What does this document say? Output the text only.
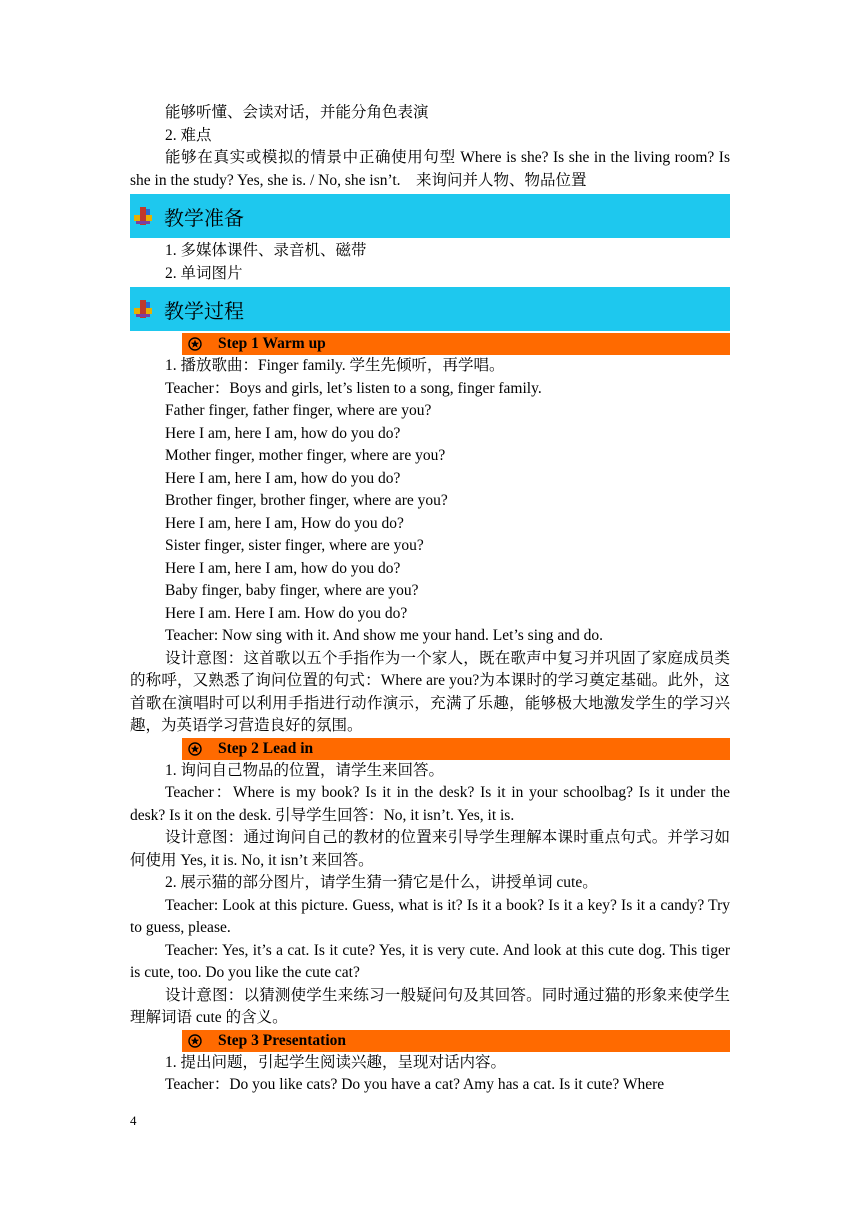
能够听懂、会读对话，并能分角色表演

2. 难点

能够在真实或模拟的情景中正确使用句型 Where is she? Is she in the living room? Is she in the study? Yes, she is. / No, she isn’t.　来询问并人物、物品位置

教学准备

1. 多媒体课件、录音机、磁带

2. 单词图片

教学过程
Step 1 Warm up

1. 播放歌曲：Finger family. 学生先倾听，再学唱。

Teacher：Boys and girls, let’s listen to a song, finger family.

Father finger, father finger, where are you?

Here I am, here I am, how do you do?

Mother finger, mother finger, where are you?

Here I am, here I am, how do you do?

Brother finger, brother finger, where are you?

Here I am, here I am, How do you do?

Sister finger, sister finger, where are you?

Here I am, here I am, how do you do?

Baby finger, baby finger, where are you?

Here I am. Here I am. How do you do?

Teacher: Now sing with it. And show me your hand. Let’s sing and do.

设计意图：这首歌以五个手指作为一个家人，既在歌声中复习并巩固了家庭成员类的称呼，又熟悉了询问位置的句式：Where are you?为本课时的学习奠定基础。此外，这首歌在演唱时可以利用手指进行动作演示，充满了乐趣，能够极大地激发学生的学习兴趣，为英语学习营造良好的氛围。

Step 2 Lead in

1. 询问自己物品的位置，请学生来回答。

Teacher：Where is my book? Is it in the desk? Is it in your schoolbag? Is it under the desk? Is it on the desk. 引导学生回答：No, it isn’t. Yes, it is.

设计意图：通过询问自己的教材的位置来引导学生理解本课时重点句式。并学习如何使用 Yes, it is. No, it isn’t 来回答。

2. 展示猫的部分图片，请学生猜一猜它是什么，讲授单词 cute。

Teacher: Look at this picture. Guess, what is it? Is it a book? Is it a key? Is it a candy? Try to guess, please.

Teacher: Yes, it’s a cat. Is it cute? Yes, it is very cute. And look at this cute dog. This tiger is cute, too. Do you like the cute cat?

设计意图：以猜测使学生来练习一般疑问句及其回答。同时通过猫的形象来使学生理解词语 cute 的含义。

Step 3 Presentation

1. 提出问题，引起学生阅读兴趣，呈现对话内容。

Teacher：Do you like cats? Do you have a cat? Amy has a cat. Is it cute? Where

4
